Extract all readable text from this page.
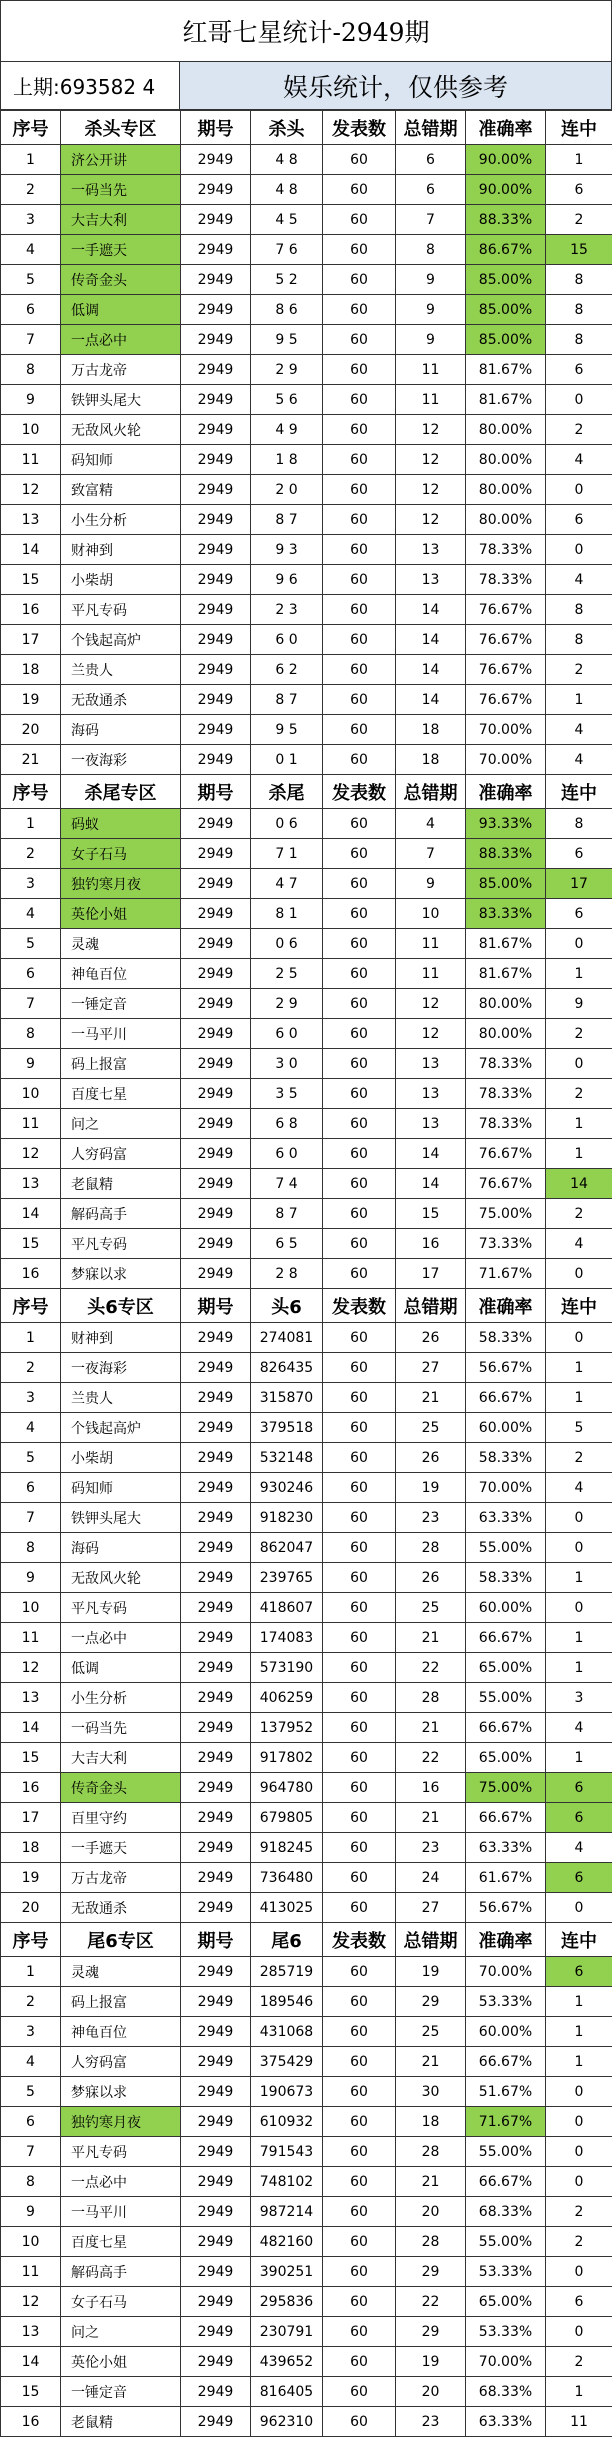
红哥七星统计-2949期
上期:693582 4	娱乐统计，仅供参考
序号	杀头专区	期号	杀头	发表数	总错期	准确率	连中
1	济公开讲	2949	4 8	60	6	90.00%	1
2	一码当先	2949	4 8	60	6	90.00%	6
3	大吉大利	2949	4 5	60	7	88.33%	2
4	一手遮天	2949	7 6	60	8	86.67%	15
5	传奇金头	2949	5 2	60	9	85.00%	8
6	低调	2949	8 6	60	9	85.00%	8
7	一点必中	2949	9 5	60	9	85.00%	8
8	万古龙帝	2949	2 9	60	11	81.67%	6
9	铁钾头尾大	2949	5 6	60	11	81.67%	0
10	无敌风火轮	2949	4 9	60	12	80.00%	2
11	码知师	2949	1 8	60	12	80.00%	4
12	致富精	2949	2 0	60	12	80.00%	0
13	小生分析	2949	8 7	60	12	80.00%	6
14	财神到	2949	9 3	60	13	78.33%	0
15	小柴胡	2949	9 6	60	13	78.33%	4
16	平凡专码	2949	2 3	60	14	76.67%	8
17	个钱起高炉	2949	6 0	60	14	76.67%	8
18	兰贵人	2949	6 2	60	14	76.67%	2
19	无敌通杀	2949	8 7	60	14	76.67%	1
20	海码	2949	9 5	60	18	70.00%	4
21	一夜海彩	2949	0 1	60	18	70.00%	4
序号	杀尾专区	期号	杀尾	发表数	总错期	准确率	连中
1	码蚁	2949	0 6	60	4	93.33%	8
2	女子石马	2949	7 1	60	7	88.33%	6
3	独钓寒月夜	2949	4 7	60	9	85.00%	17
4	英伦小姐	2949	8 1	60	10	83.33%	6
5	灵魂	2949	0 6	60	11	81.67%	0
6	神龟百位	2949	2 5	60	11	81.67%	1
7	一锤定音	2949	2 9	60	12	80.00%	9
8	一马平川	2949	6 0	60	12	80.00%	2
9	码上报富	2949	3 0	60	13	78.33%	0
10	百度七星	2949	3 5	60	13	78.33%	2
11	问之	2949	6 8	60	13	78.33%	1
12	人穷码富	2949	6 0	60	14	76.67%	1
13	老鼠精	2949	7 4	60	14	76.67%	14
14	解码高手	2949	8 7	60	15	75.00%	2
15	平凡专码	2949	6 5	60	16	73.33%	4
16	梦寐以求	2949	2 8	60	17	71.67%	0
序号	头6专区	期号	头6	发表数	总错期	准确率	连中
1	财神到	2949	274081	60	26	58.33%	0
2	一夜海彩	2949	826435	60	27	56.67%	1
3	兰贵人	2949	315870	60	21	66.67%	1
4	个钱起高炉	2949	379518	60	25	60.00%	5
5	小柴胡	2949	532148	60	26	58.33%	2
6	码知师	2949	930246	60	19	70.00%	4
7	铁钾头尾大	2949	918230	60	23	63.33%	0
8	海码	2949	862047	60	28	55.00%	0
9	无敌风火轮	2949	239765	60	26	58.33%	1
10	平凡专码	2949	418607	60	25	60.00%	0
11	一点必中	2949	174083	60	21	66.67%	1
12	低调	2949	573190	60	22	65.00%	1
13	小生分析	2949	406259	60	28	55.00%	3
14	一码当先	2949	137952	60	21	66.67%	4
15	大吉大利	2949	917802	60	22	65.00%	1
16	传奇金头	2949	964780	60	16	75.00%	6
17	百里守约	2949	679805	60	21	66.67%	6
18	一手遮天	2949	918245	60	23	63.33%	4
19	万古龙帝	2949	736480	60	24	61.67%	6
20	无敌通杀	2949	413025	60	27	56.67%	0
序号	尾6专区	期号	尾6	发表数	总错期	准确率	连中
1	灵魂	2949	285719	60	19	70.00%	6
2	码上报富	2949	189546	60	29	53.33%	1
3	神龟百位	2949	431068	60	25	60.00%	1
4	人穷码富	2949	375429	60	21	66.67%	1
5	梦寐以求	2949	190673	60	30	51.67%	0
6	独钓寒月夜	2949	610932	60	18	71.67%	0
7	平凡专码	2949	791543	60	28	55.00%	0
8	一点必中	2949	748102	60	21	66.67%	0
9	一马平川	2949	987214	60	20	68.33%	2
10	百度七星	2949	482160	60	28	55.00%	2
11	解码高手	2949	390251	60	29	53.33%	0
12	女子石马	2949	295836	60	22	65.00%	6
13	问之	2949	230791	60	29	53.33%	0
14	英伦小姐	2949	439652	60	19	70.00%	2
15	一锤定音	2949	816405	60	20	68.33%	1
16	老鼠精	2949	962310	60	23	63.33%	11
